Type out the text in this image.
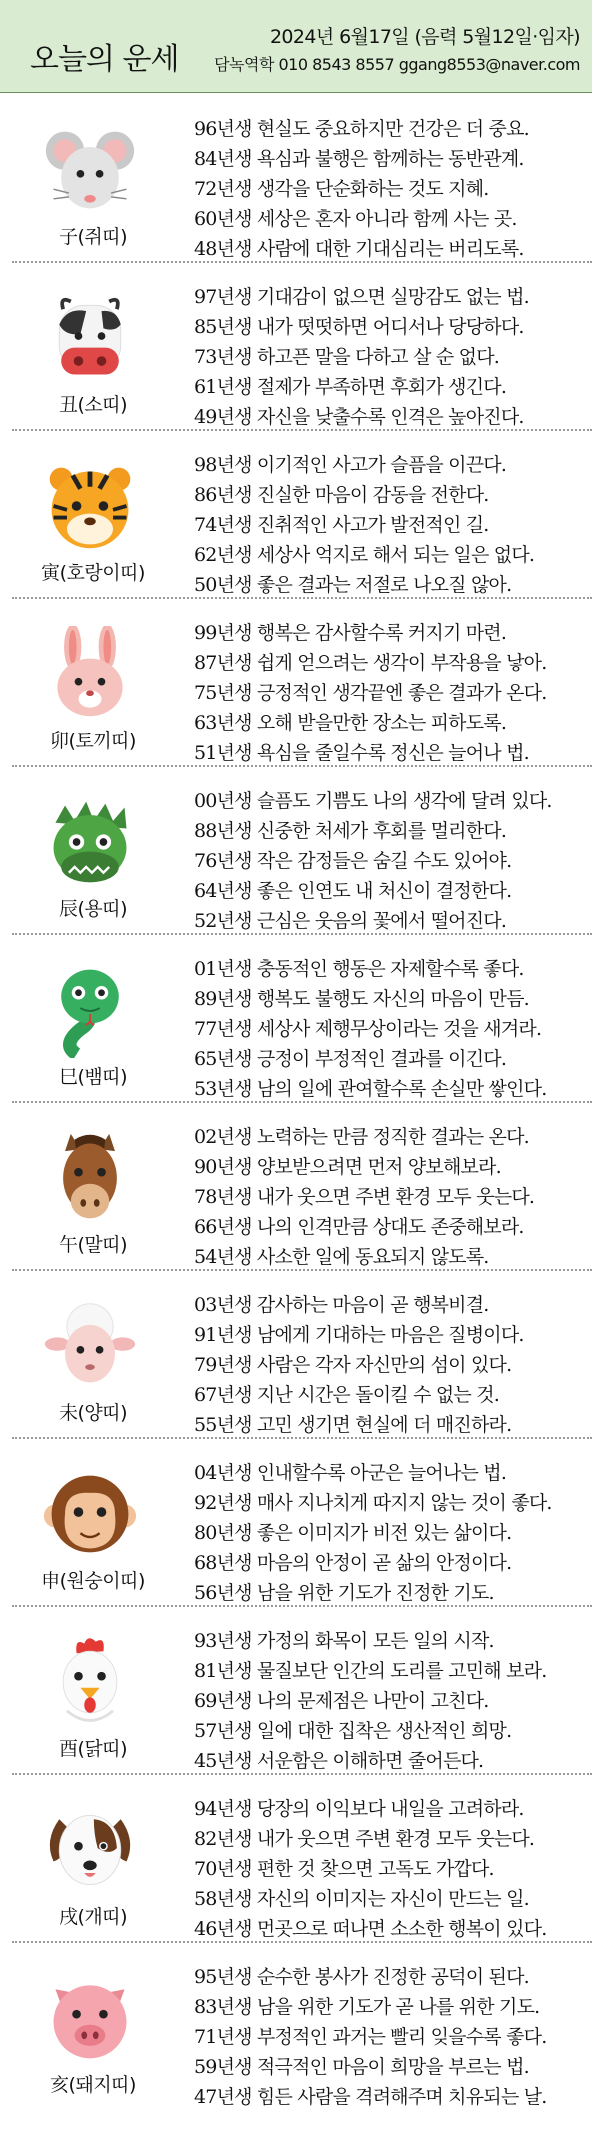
오늘의 운세
2024년 6월17일 (음력 5월12일·임자)
담녹역학 010 8543 8557 ggang8553@naver.com
子(쥐띠)
96년생 현실도 중요하지만 건강은 더 중요.
84년생 욕심과 불행은 함께하는 동반관계.
72년생 생각을 단순화하는 것도 지혜.
60년생 세상은 혼자 아니라 함께 사는 곳.
48년생 사람에 대한 기대심리는 버리도록.
丑(소띠)
97년생 기대감이 없으면 실망감도 없는 법.
85년생 내가 떳떳하면 어디서나 당당하다.
73년생 하고픈 말을 다하고 살 순 없다.
61년생 절제가 부족하면 후회가 생긴다.
49년생 자신을 낮출수록 인격은 높아진다.
寅(호랑이띠)
98년생 이기적인 사고가 슬픔을 이끈다.
86년생 진실한 마음이 감동을 전한다.
74년생 진취적인 사고가 발전적인 길.
62년생 세상사 억지로 해서 되는 일은 없다.
50년생 좋은 결과는 저절로 나오질 않아.
卯(토끼띠)
99년생 행복은 감사할수록 커지기 마련.
87년생 쉽게 얻으려는 생각이 부작용을 낳아.
75년생 긍정적인 생각끝엔 좋은 결과가 온다.
63년생 오해 받을만한 장소는 피하도록.
51년생 욕심을 줄일수록 정신은 늘어나 법.
辰(용띠)
00년생 슬픔도 기쁨도 나의 생각에 달려 있다.
88년생 신중한 처세가 후회를 멀리한다.
76년생 작은 감정들은 숨길 수도 있어야.
64년생 좋은 인연도 내 처신이 결정한다.
52년생 근심은 웃음의 꽃에서 떨어진다.
巳(뱀띠)
01년생 충동적인 행동은 자제할수록 좋다.
89년생 행복도 불행도 자신의 마음이 만듬.
77년생 세상사 제행무상이라는 것을 새겨라.
65년생 긍정이 부정적인 결과를 이긴다.
53년생 남의 일에 관여할수록 손실만 쌓인다.
午(말띠)
02년생 노력하는 만큼 정직한 결과는 온다.
90년생 양보받으려면 먼저 양보해보라.
78년생 내가 웃으면 주변 환경 모두 웃는다.
66년생 나의 인격만큼 상대도 존중해보라.
54년생 사소한 일에 동요되지 않도록.
未(양띠)
03년생 감사하는 마음이 곧 행복비결.
91년생 남에게 기대하는 마음은 질병이다.
79년생 사람은 각자 자신만의 섬이 있다.
67년생 지난 시간은 돌이킬 수 없는 것.
55년생 고민 생기면 현실에 더 매진하라.
申(원숭이띠)
04년생 인내할수록 아군은 늘어나는 법.
92년생 매사 지나치게 따지지 않는 것이 좋다.
80년생 좋은 이미지가 비전 있는 삶이다.
68년생 마음의 안정이 곧 삶의 안정이다.
56년생 남을 위한 기도가 진정한 기도.
酉(닭띠)
93년생 가정의 화목이 모든 일의 시작.
81년생 물질보단 인간의 도리를 고민해 보라.
69년생 나의 문제점은 나만이 고친다.
57년생 일에 대한 집착은 생산적인 희망.
45년생 서운함은 이해하면 줄어든다.
戌(개띠)
94년생 당장의 이익보다 내일을 고려하라.
82년생 내가 웃으면 주변 환경 모두 웃는다.
70년생 편한 것 찾으면 고독도 가깝다.
58년생 자신의 이미지는 자신이 만드는 일.
46년생 먼곳으로 떠나면 소소한 행복이 있다.
亥(돼지띠)
95년생 순수한 봉사가 진정한 공덕이 된다.
83년생 남을 위한 기도가 곧 나를 위한 기도.
71년생 부정적인 과거는 빨리 잊을수록 좋다.
59년생 적극적인 마음이 희망을 부르는 법.
47년생 힘든 사람을 격려해주며 치유되는 날.
